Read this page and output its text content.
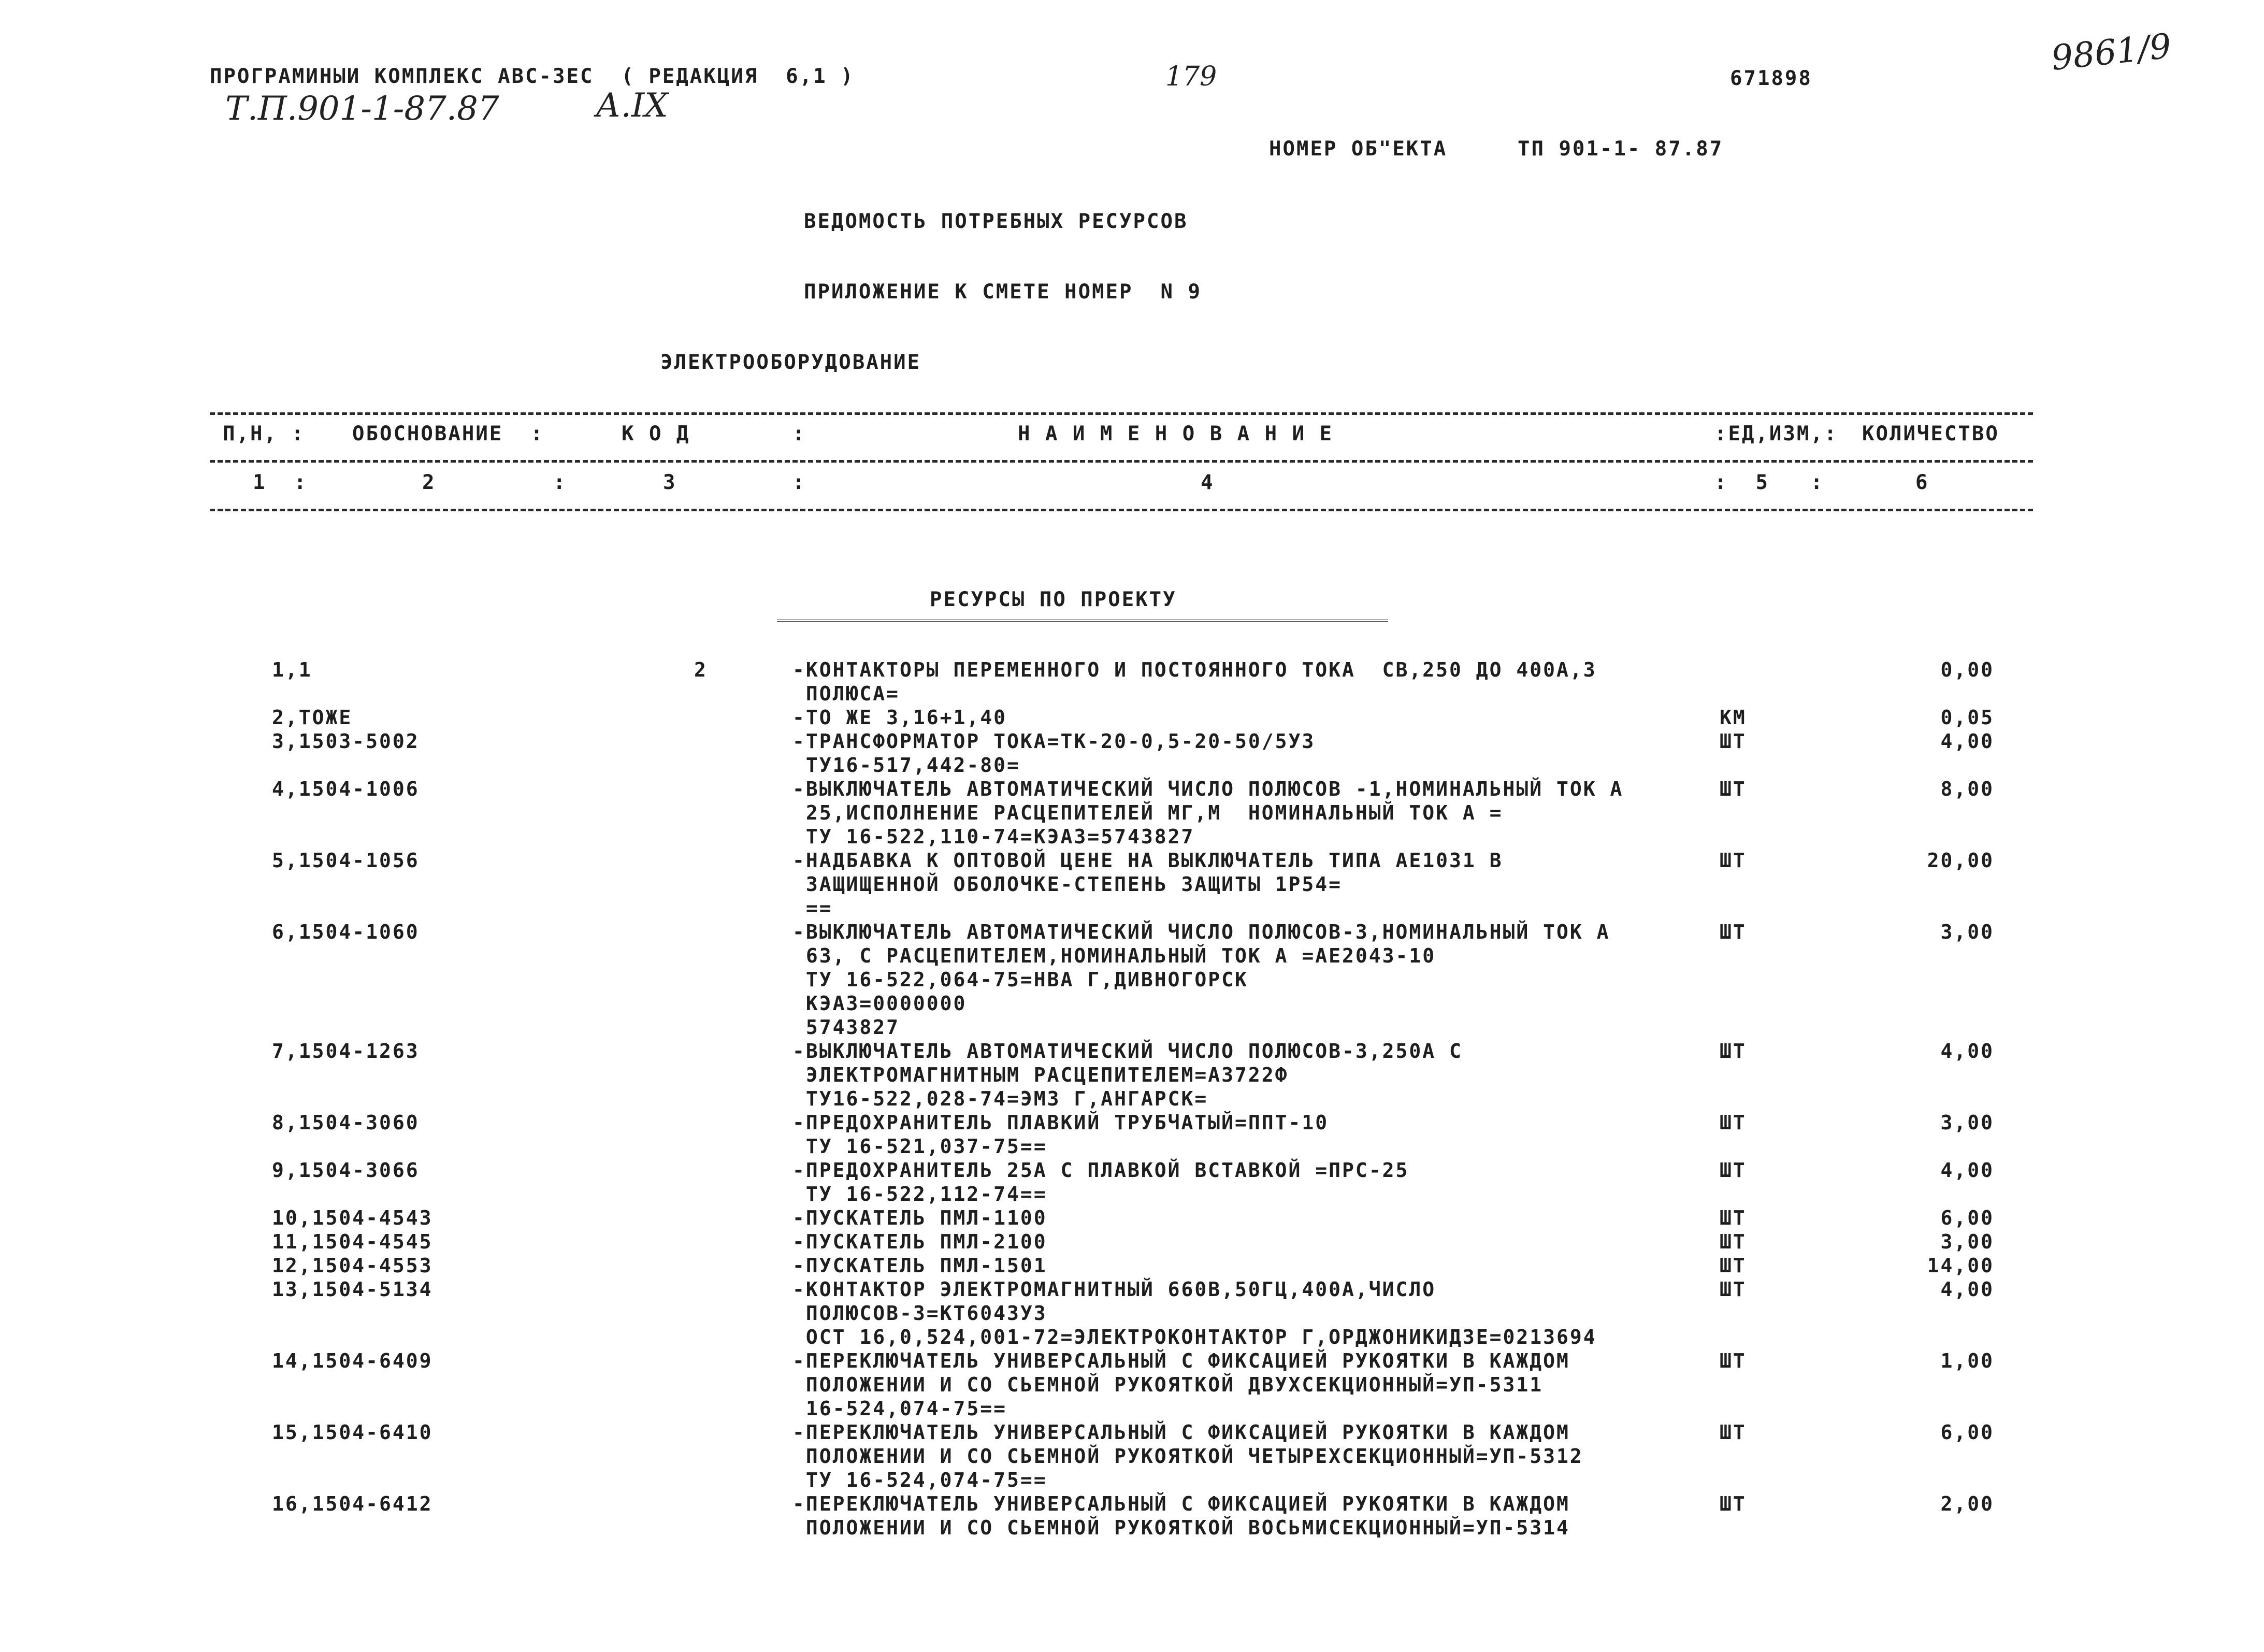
ПРОГРАМИНЫИ КОМПЛЕКС АВС-ЗЕС  ( РЕДАКЦИЯ  6,1 )	179	671898
9861/9
Т.П.901-1-87.87	А.IX
НОМЕР ОБ"ЕКТА	ТП 901-1- 87.87
ВЕДОМОСТЬ ПОТРЕБНЫХ РЕСУРСОВ
ПРИЛОЖЕНИЕ К СМЕТЕ НОМЕР  N 9
ЭЛЕКТРООБОРУДОВАНИЕ
П,Н, : ОБОСНОВАНИЕ  :	К О Д	:	Н А И М Е Н О В А Н И Е	:ЕД,ИЗМ,: КОЛИЧЕСТВО
1  :	2	:	3	:	4	:  5   :	6
РЕСУРСЫ ПО ПРОЕКТУ
1,1	2	-КОНТАКТОРЫ ПЕРЕМЕННОГО И ПОСТОЯННОГО ТОКА  СВ,250 ДО 400А,3
ПОЛЮСА=
0,00
2,ТОЖЕ	-ТО ЖЕ 3,16+1,40	КМ	0,05
3,1503-5002	-ТРАНСФОРМАТОР ТОКА=ТК-20-0,5-20-50/5УЗ
ТУ16-517,442-80=
ШТ	4,00
4,1504-1006	-ВЫКЛЮЧАТЕЛЬ АВТОМАТИЧЕСКИЙ ЧИСЛО ПОЛЮСОВ -1,НОМИНАЛЬНЫЙ ТОК А
25,ИСПОЛНЕНИЕ РАСЦЕПИТЕЛЕЙ МГ,М  НОМИНАЛЬНЫЙ ТОК А =
ТУ 16-522,110-74=КЭАЗ=5743827
ШТ	8,00
5,1504-1056	-НАДБАВКА К ОПТОВОЙ ЦЕНЕ НА ВЫКЛЮЧАТЕЛЬ ТИПА АЕ1031 В
ЗАЩИЩЕННОЙ ОБОЛОЧКЕ-СТЕПЕНЬ ЗАЩИТЫ 1Р54=
==
ШТ	20,00
6,1504-1060	-ВЫКЛЮЧАТЕЛЬ АВТОМАТИЧЕСКИЙ ЧИСЛО ПОЛЮСОВ-3,НОМИНАЛЬНЫЙ ТОК А
63, С РАСЦЕПИТЕЛЕМ,НОМИНАЛЬНЫЙ ТОК А =АЕ2043-10
ТУ 16-522,064-75=НВА Г,ДИВНОГОРСК
КЭАЗ=0000000
5743827
ШТ	3,00
7,1504-1263	-ВЫКЛЮЧАТЕЛЬ АВТОМАТИЧЕСКИЙ ЧИСЛО ПОЛЮСОВ-3,250А С
ЭЛЕКТРОМАГНИТНЫМ РАСЦЕПИТЕЛЕМ=А3722Ф
ТУ16-522,028-74=ЭМЗ Г,АНГАРСК=
ШТ	4,00
8,1504-3060	-ПРЕДОХРАНИТЕЛЬ ПЛАВКИЙ ТРУБЧАТЫЙ=ППТ-10
ТУ 16-521,037-75==
ШТ	3,00
9,1504-3066	-ПРЕДОХРАНИТЕЛЬ 25А С ПЛАВКОЙ ВСТАВКОЙ =ПРС-25
ТУ 16-522,112-74==
ШТ	4,00
10,1504-4543	-ПУСКАТЕЛЬ ПМЛ-1100	ШТ	6,00
11,1504-4545	-ПУСКАТЕЛЬ ПМЛ-2100	ШТ	3,00
12,1504-4553	-ПУСКАТЕЛЬ ПМЛ-1501	ШТ	14,00
13,1504-5134	-КОНТАКТОР ЭЛЕКТРОМАГНИТНЫЙ 660В,50ГЦ,400А,ЧИСЛО
ПОЛЮСОВ-3=КТ6043УЗ
ОСТ 16,0,524,001-72=ЭЛЕКТРОКОНТАКТОР Г,ОРДЖОНИКИДЗЕ=0213694
ШТ	4,00
14,1504-6409	-ПЕРЕКЛЮЧАТЕЛЬ УНИВЕРСАЛЬНЫЙ С ФИКСАЦИЕЙ РУКОЯТКИ В КАЖДОМ
ПОЛОЖЕНИИ И СО СЬЕМНОЙ РУКОЯТКОЙ ДВУХСЕКЦИОННЫЙ=УП-5311
16-524,074-75==
ШТ	1,00
15,1504-6410	-ПЕРЕКЛЮЧАТЕЛЬ УНИВЕРСАЛЬНЫЙ С ФИКСАЦИЕЙ РУКОЯТКИ В КАЖДОМ
ПОЛОЖЕНИИ И СО СЬЕМНОЙ РУКОЯТКОЙ ЧЕТЫРЕХСЕКЦИОННЫЙ=УП-5312
ТУ 16-524,074-75==
ШТ	6,00
16,1504-6412	-ПЕРЕКЛЮЧАТЕЛЬ УНИВЕРСАЛЬНЫЙ С ФИКСАЦИЕЙ РУКОЯТКИ В КАЖДОМ
ПОЛОЖЕНИИ И СО СЬЕМНОЙ РУКОЯТКОЙ ВОСЬМИСЕКЦИОННЫЙ=УП-5314
ШТ	2,00
